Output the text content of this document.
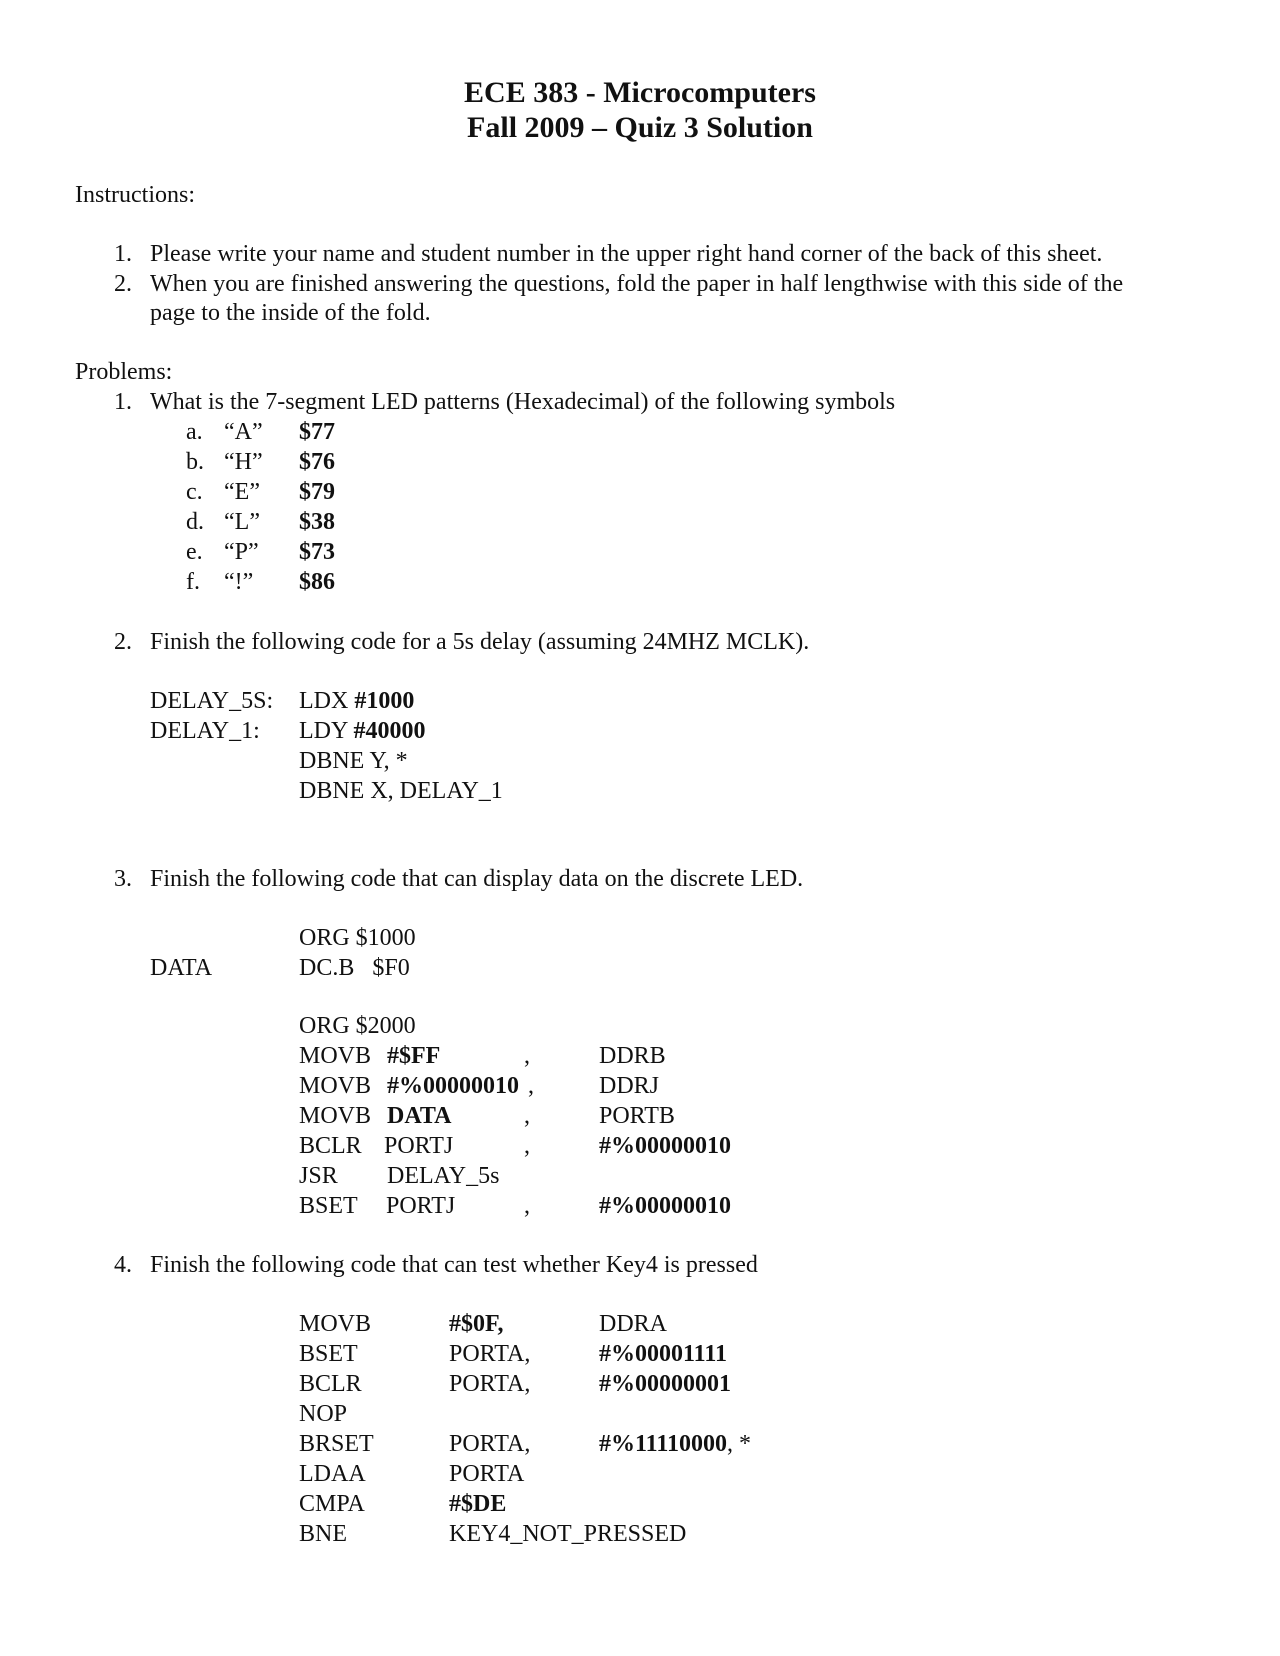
ECE 383 - Microcomputers
Fall 2009 – Quiz 3 Solution
Instructions:
1. Please write your name and student number in the upper right hand corner of the back of this sheet.
2. When you are finished answering the questions, fold the paper in half lengthwise with this side of the
page to the inside of the fold.
Problems:
1. What is the 7-segment LED patterns (Hexadecimal) of the following symbols
a. “A” $77
b. “H” $76
c. “E” $79
d. “L” $38
e. “P” $73
f. “!” $86
2. Finish the following code for a 5s delay (assuming 24MHZ MCLK).
DELAY_5S: LDX #1000
DELAY_1: LDY #40000
DBNE Y, *
DBNE X, DELAY_1
3. Finish the following code that can display data on the discrete LED.
ORG $1000
DATA	DC.B   $F0
ORG $2000
MOVB #$FF	,	DDRB
MOVB #%00000010 ,	DDRJ
MOVB DATA	,	PORTB
BCLR PORTJ	,	#%00000010
JSR DELAY_5s
BSET PORTJ	,	#%00000010
4. Finish the following code that can test whether Key4 is pressed
MOVB	#$0F,	DDRA
BSET	PORTA,	#%00001111
BCLR	PORTA,	#%00000001
NOP
BRSET	PORTA,	#%11110000, *
LDAA	PORTA
CMPA	#$DE
BNE	KEY4_NOT_PRESSED
